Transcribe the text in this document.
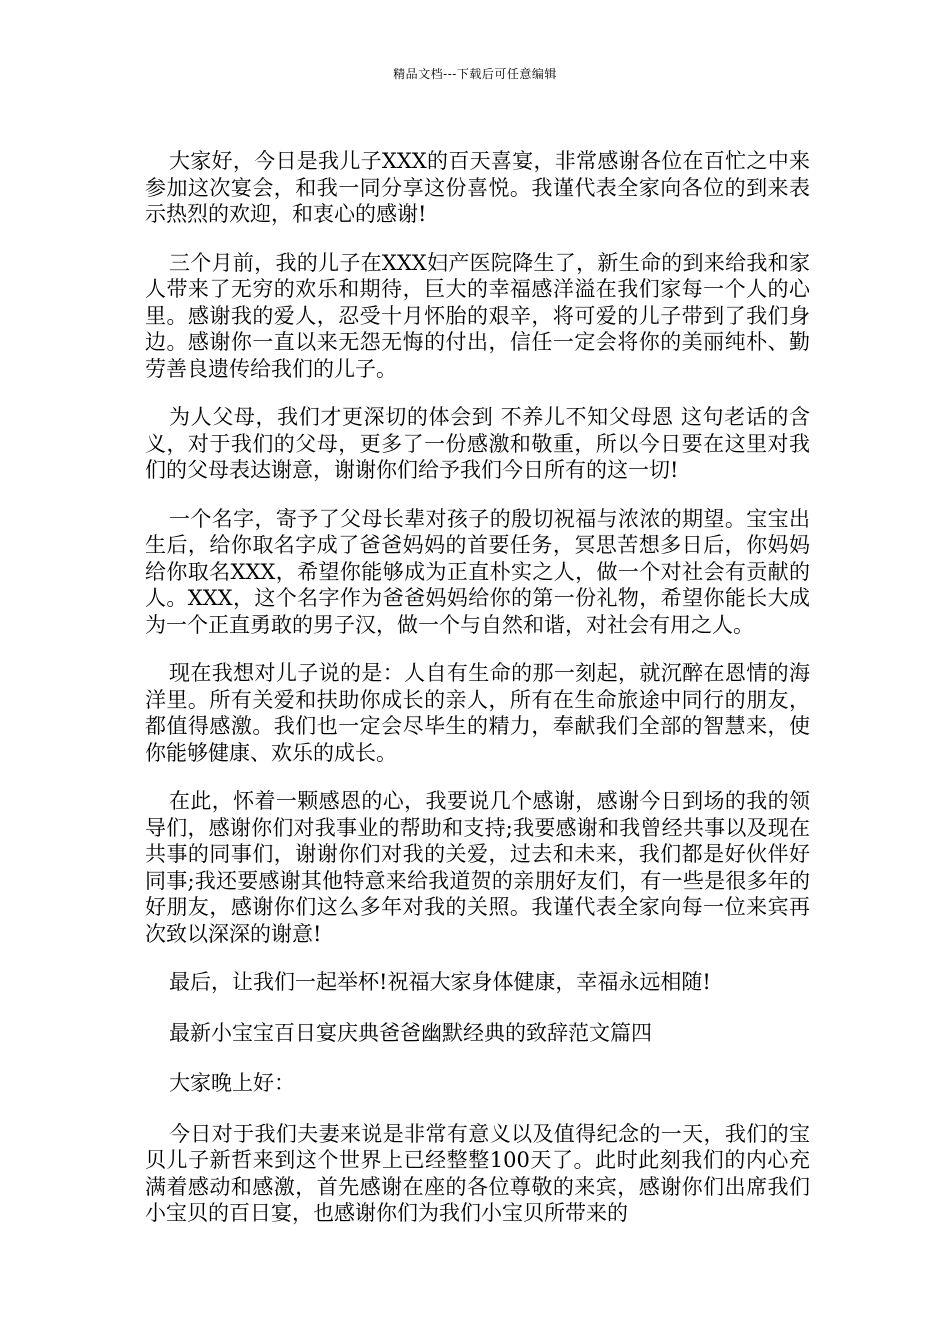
精品文档---下载后可任意编辑

大家好，今日是我儿子XXX的百天喜宴，非常感谢各位在百忙之中来参加这次宴会，和我一同分享这份喜悦。我谨代表全家向各位的到来表示热烈的欢迎，和衷心的感谢!

三个月前，我的儿子在XXX妇产医院降生了，新生命的到来给我和家人带来了无穷的欢乐和期待，巨大的幸福感洋溢在我们家每一个人的心里。感谢我的爱人，忍受十月怀胎的艰辛，将可爱的儿子带到了我们身边。感谢你一直以来无怨无悔的付出，信任一定会将你的美丽纯朴、勤劳善良遗传给我们的儿子。

为人父母，我们才更深切的体会到 不养儿不知父母恩 这句老话的含义，对于我们的父母，更多了一份感激和敬重，所以今日要在这里对我们的父母表达谢意，谢谢你们给予我们今日所有的这一切!

一个名字，寄予了父母长辈对孩子的殷切祝福与浓浓的期望。宝宝出生后，给你取名字成了爸爸妈妈的首要任务，冥思苦想多日后，你妈妈给你取名XXX，希望你能够成为正直朴实之人，做一个对社会有贡献的人。XXX，这个名字作为爸爸妈妈给你的第一份礼物，希望你能长大成为一个正直勇敢的男子汉，做一个与自然和谐，对社会有用之人。

现在我想对儿子说的是：人自有生命的那一刻起，就沉醉在恩情的海洋里。所有关爱和扶助你成长的亲人，所有在生命旅途中同行的朋友，都值得感激。我们也一定会尽毕生的精力，奉献我们全部的智慧来，使你能够健康、欢乐的成长。

在此，怀着一颗感恩的心，我要说几个感谢，感谢今日到场的我的领导们，感谢你们对我事业的帮助和支持;我要感谢和我曾经共事以及现在共事的同事们，谢谢你们对我的关爱，过去和未来，我们都是好伙伴好同事;我还要感谢其他特意来给我道贺的亲朋好友们，有一些是很多年的好朋友，感谢你们这么多年对我的关照。我谨代表全家向每一位来宾再次致以深深的谢意!

最后，让我们一起举杯!祝福大家身体健康，幸福永远相随!

最新小宝宝百日宴庆典爸爸幽默经典的致辞范文篇四

大家晚上好：

今日对于我们夫妻来说是非常有意义以及值得纪念的一天，我们的宝贝儿子新哲来到这个世界上已经整整100天了。此时此刻我们的内心充满着感动和感激，首先感谢在座的各位尊敬的来宾，感谢你们出席我们小宝贝的百日宴，也感谢你们为我们小宝贝所带来的
